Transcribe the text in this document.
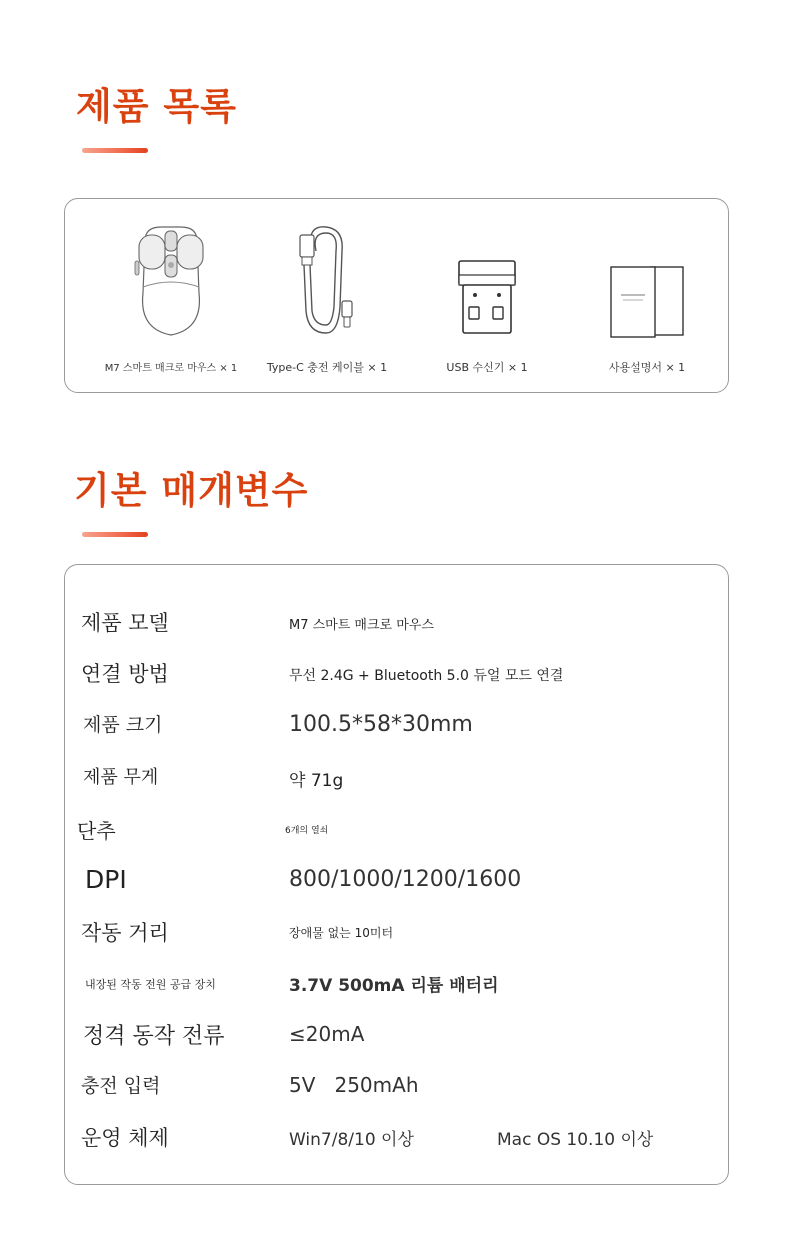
제품 목록
M7 스마트 매크로 마우스 × 1	Type-C 충전 케이블 × 1	USB 수신기 × 1	사용설명서 × 1
기본 매개변수
제품 모델	M7 스마트 매크로 마우스
연결 방법	무선 2.4G + Bluetooth 5.0 듀얼 모드 연결
제품 크기	100.5*58*30mm
제품 무게	약 71g
단추	6개의 열쇠
DPI	800/1000/1200/1600
작동 거리	장애물 없는 10미터
내장된 작동 전원 공급 장치	3.7V 500mA 리튬 배터리
정격 동작 전류	≤20mA
충전 입력	5V   250mAh
운영 체제	Win7/8/10 이상	Mac OS 10.10 이상
